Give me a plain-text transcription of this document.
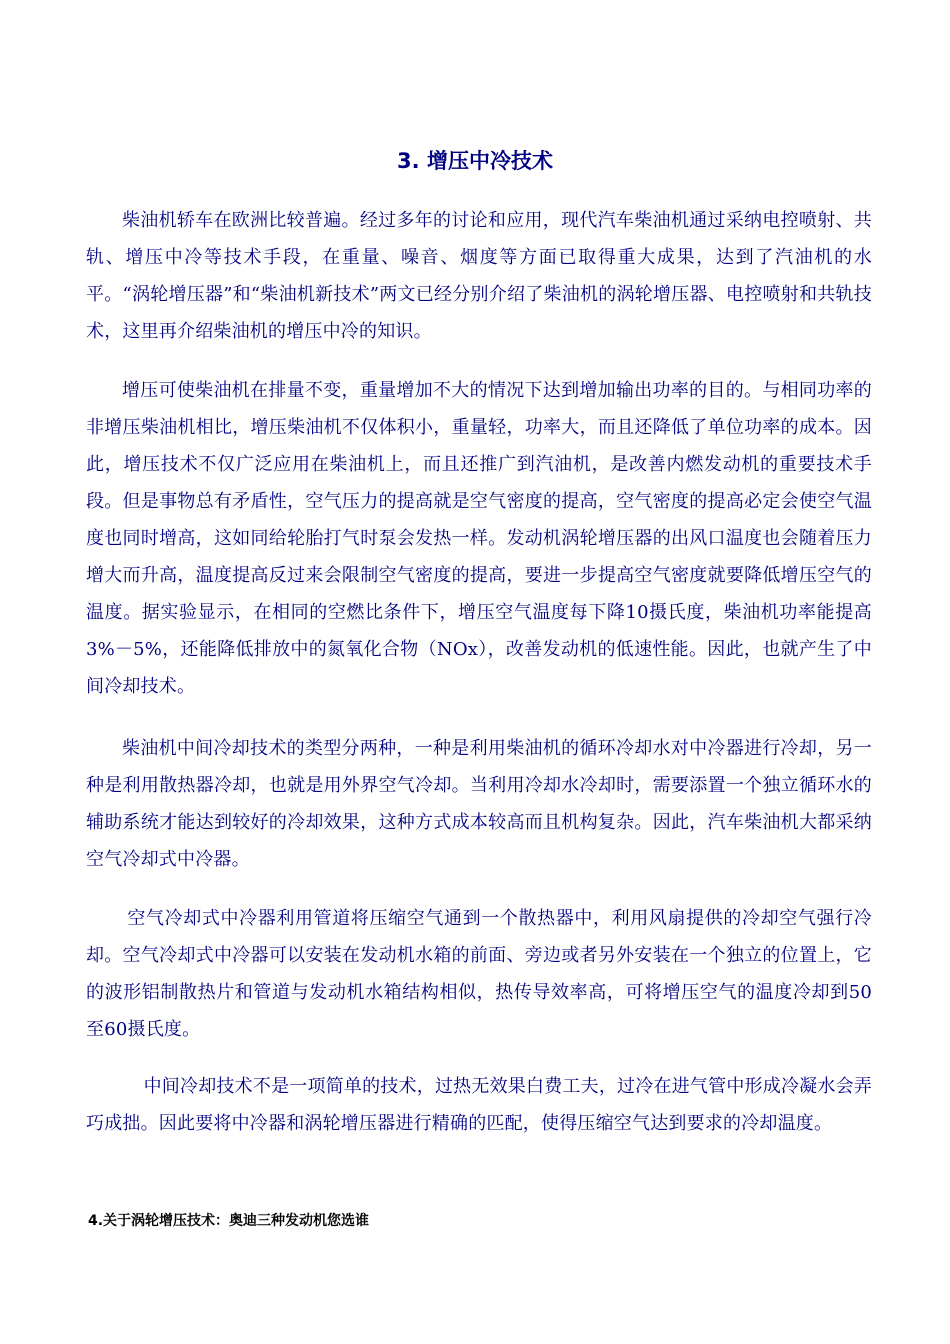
3. 增压中冷技术

柴油机轿车在欧洲比较普遍。经过多年的讨论和应用，现代汽车柴油机通过采纳电控喷射、共轨、增压中冷等技术手段，在重量、噪音、烟度等方面已取得重大成果，达到了汽油机的水平。“涡轮增压器”和“柴油机新技术”两文已经分别介绍了柴油机的涡轮增压器、电控喷射和共轨技术，这里再介绍柴油机的增压中冷的知识。

增压可使柴油机在排量不变，重量增加不大的情况下达到增加输出功率的目的。与相同功率的非增压柴油机相比，增压柴油机不仅体积小，重量轻，功率大，而且还降低了单位功率的成本。因此，增压技术不仅广泛应用在柴油机上，而且还推广到汽油机，是改善内燃发动机的重要技术手段。但是事物总有矛盾性，空气压力的提高就是空气密度的提高，空气密度的提高必定会使空气温度也同时增高，这如同给轮胎打气时泵会发热一样。发动机涡轮增压器的出风口温度也会随着压力增大而升高，温度提高反过来会限制空气密度的提高，要进一步提高空气密度就要降低增压空气的温度。据实验显示，在相同的空燃比条件下，增压空气温度每下降10摄氏度，柴油机功率能提高3%－5%，还能降低排放中的氮氧化合物（NOx），改善发动机的低速性能。因此，也就产生了中间冷却技术。

柴油机中间冷却技术的类型分两种，一种是利用柴油机的循环冷却水对中冷器进行冷却，另一种是利用散热器冷却，也就是用外界空气冷却。当利用冷却水冷却时，需要添置一个独立循环水的辅助系统才能达到较好的冷却效果，这种方式成本较高而且机构复杂。因此，汽车柴油机大都采纳空气冷却式中冷器。

空气冷却式中冷器利用管道将压缩空气通到一个散热器中，利用风扇提供的冷却空气强行冷却。空气冷却式中冷器可以安装在发动机水箱的前面、旁边或者另外安装在一个独立的位置上，它的波形铝制散热片和管道与发动机水箱结构相似，热传导效率高，可将增压空气的温度冷却到50至60摄氏度。

中间冷却技术不是一项简单的技术，过热无效果白费工夫，过冷在进气管中形成冷凝水会弄巧成拙。因此要将中冷器和涡轮增压器进行精确的匹配，使得压缩空气达到要求的冷却温度。

4.关于涡轮增压技术：奥迪三种发动机您选谁
